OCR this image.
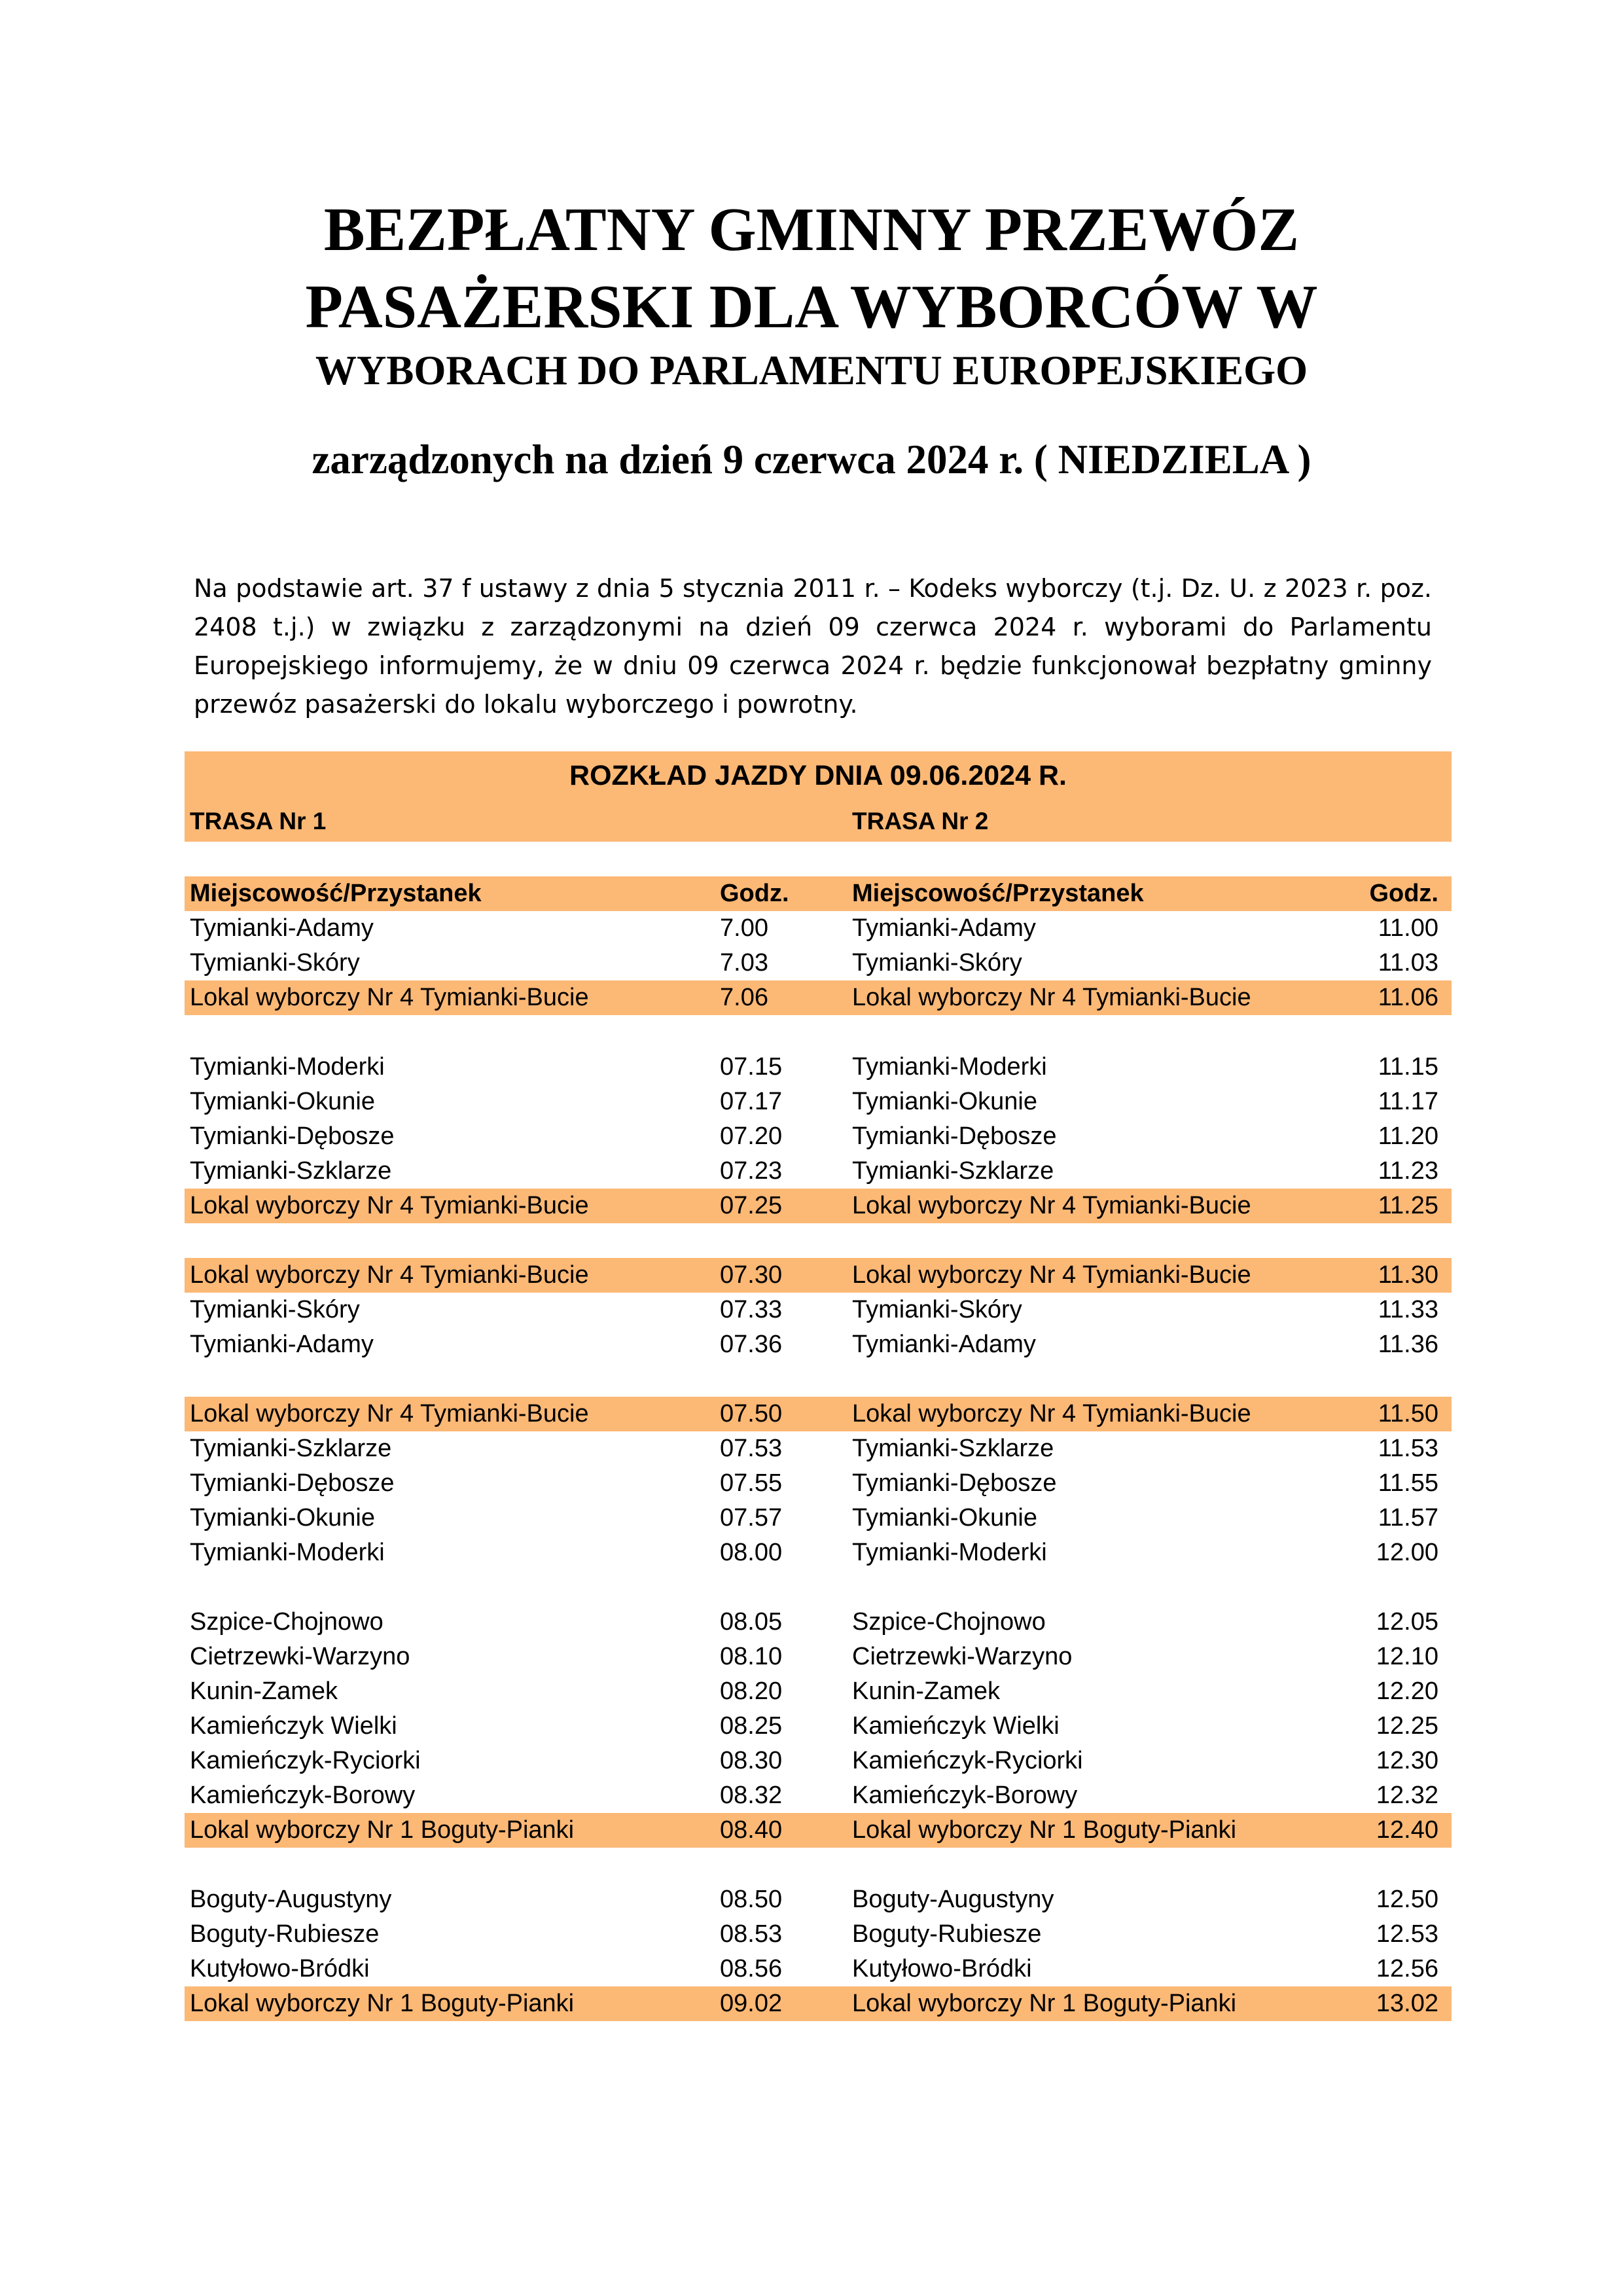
BEZPŁATNY GMINNY PRZEWÓZ
PASAŻERSKI DLA WYBORCÓW W
WYBORACH DO PARLAMENTU EUROPEJSKIEGO
zarządzonych na dzień 9 czerwca 2024 r. ( NIEDZIELA )
Na podstawie art. 37 f ustawy z dnia 5 stycznia 2011 r. – Kodeks wyborczy (t.j. Dz. U. z 2023 r. poz.
2408 t.j.) w związku z zarządzonymi na dzień 09 czerwca 2024 r. wyborami do Parlamentu
Europejskiego informujemy, że w dniu 09 czerwca 2024 r. będzie funkcjonował bezpłatny gminny
przewóz pasażerski do lokalu wyborczego i powrotny.
ROZKŁAD JAZDY DNIA 09.06.2024 R.
TRASA Nr 1	TRASA Nr 2
Miejscowość/Przystanek	Godz.	Miejscowość/Przystanek	Godz.
Tymianki-Adamy	7.00	Tymianki-Adamy	11.00
Tymianki-Skóry	7.03	Tymianki-Skóry	11.03
Lokal wyborczy Nr 4 Tymianki-Bucie	7.06	Lokal wyborczy Nr 4 Tymianki-Bucie	11.06
Tymianki-Moderki	07.15	Tymianki-Moderki	11.15
Tymianki-Okunie	07.17	Tymianki-Okunie	11.17
Tymianki-Dębosze	07.20	Tymianki-Dębosze	11.20
Tymianki-Szklarze	07.23	Tymianki-Szklarze	11.23
Lokal wyborczy Nr 4 Tymianki-Bucie	07.25	Lokal wyborczy Nr 4 Tymianki-Bucie	11.25
Lokal wyborczy Nr 4 Tymianki-Bucie	07.30	Lokal wyborczy Nr 4 Tymianki-Bucie	11.30
Tymianki-Skóry	07.33	Tymianki-Skóry	11.33
Tymianki-Adamy	07.36	Tymianki-Adamy	11.36
Lokal wyborczy Nr 4 Tymianki-Bucie	07.50	Lokal wyborczy Nr 4 Tymianki-Bucie	11.50
Tymianki-Szklarze	07.53	Tymianki-Szklarze	11.53
Tymianki-Dębosze	07.55	Tymianki-Dębosze	11.55
Tymianki-Okunie	07.57	Tymianki-Okunie	11.57
Tymianki-Moderki	08.00	Tymianki-Moderki	12.00
Szpice-Chojnowo	08.05	Szpice-Chojnowo	12.05
Cietrzewki-Warzyno	08.10	Cietrzewki-Warzyno	12.10
Kunin-Zamek	08.20	Kunin-Zamek	12.20
Kamieńczyk Wielki	08.25	Kamieńczyk Wielki	12.25
Kamieńczyk-Ryciorki	08.30	Kamieńczyk-Ryciorki	12.30
Kamieńczyk-Borowy	08.32	Kamieńczyk-Borowy	12.32
Lokal wyborczy Nr 1 Boguty-Pianki	08.40	Lokal wyborczy Nr 1 Boguty-Pianki	12.40
Boguty-Augustyny	08.50	Boguty-Augustyny	12.50
Boguty-Rubiesze	08.53	Boguty-Rubiesze	12.53
Kutyłowo-Bródki	08.56	Kutyłowo-Bródki	12.56
Lokal wyborczy Nr 1 Boguty-Pianki	09.02	Lokal wyborczy Nr 1 Boguty-Pianki	13.02
